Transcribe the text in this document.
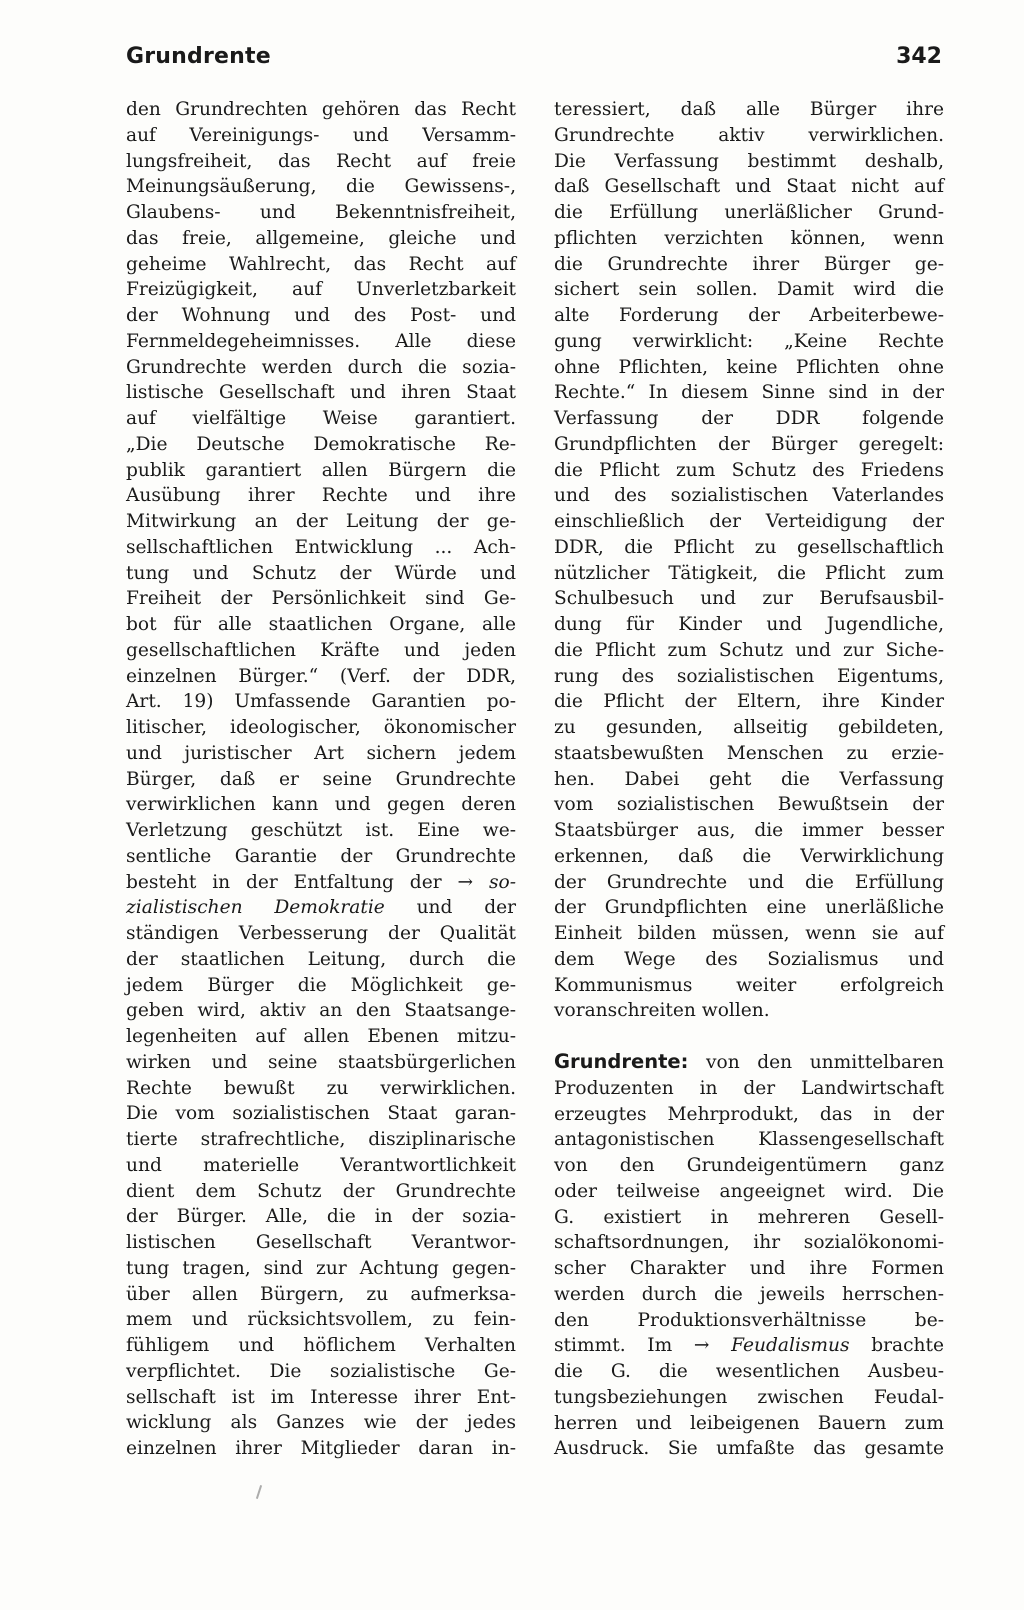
Grundrente	342
den Grundrechten gehören das Recht
auf Vereinigungs- und Versamm-
lungsfreiheit, das Recht auf freie
Meinungsäußerung, die Gewissens-,
Glaubens- und Bekenntnisfreiheit,
das freie, allgemeine, gleiche und
geheime Wahlrecht, das Recht auf
Freizügigkeit, auf Unverletzbarkeit
der Wohnung und des Post- und
Fernmeldegeheimnisses. Alle diese
Grundrechte werden durch die sozia-
listische Gesellschaft und ihren Staat
auf vielfältige Weise garantiert.
„Die Deutsche Demokratische Re-
publik garantiert allen Bürgern die
Ausübung ihrer Rechte und ihre
Mitwirkung an der Leitung der ge-
sellschaftlichen Entwicklung ... Ach-
tung und Schutz der Würde und
Freiheit der Persönlichkeit sind Ge-
bot für alle staatlichen Organe, alle
gesellschaftlichen Kräfte und jeden
einzelnen Bürger.“ (Verf. der DDR,
Art. 19) Umfassende Garantien po-
litischer, ideologischer, ökonomischer
und juristischer Art sichern jedem
Bürger, daß er seine Grundrechte
verwirklichen kann und gegen deren
Verletzung geschützt ist. Eine we-
sentliche Garantie der Grundrechte
besteht in der Entfaltung der → so-
zialistischen Demokratie und der
ständigen Verbesserung der Qualität
der staatlichen Leitung, durch die
jedem Bürger die Möglichkeit ge-
geben wird, aktiv an den Staatsange-
legenheiten auf allen Ebenen mitzu-
wirken und seine staatsbürgerlichen
Rechte bewußt zu verwirklichen.
Die vom sozialistischen Staat garan-
tierte strafrechtliche, disziplinarische
und materielle Verantwortlichkeit
dient dem Schutz der Grundrechte
der Bürger. Alle, die in der sozia-
listischen Gesellschaft Verantwor-
tung tragen, sind zur Achtung gegen-
über allen Bürgern, zu aufmerksa-
mem und rücksichtsvollem, zu fein-
fühligem und höflichem Verhalten
verpflichtet. Die sozialistische Ge-
sellschaft ist im Interesse ihrer Ent-
wicklung als Ganzes wie der jedes
einzelnen ihrer Mitglieder daran in-
teressiert, daß alle Bürger ihre
Grundrechte aktiv verwirklichen.
Die Verfassung bestimmt deshalb,
daß Gesellschaft und Staat nicht auf
die Erfüllung unerläßlicher Grund-
pflichten verzichten können, wenn
die Grundrechte ihrer Bürger ge-
sichert sein sollen. Damit wird die
alte Forderung der Arbeiterbewe-
gung verwirklicht: „Keine Rechte
ohne Pflichten, keine Pflichten ohne
Rechte.“ In diesem Sinne sind in der
Verfassung der DDR folgende
Grundpflichten der Bürger geregelt:
die Pflicht zum Schutz des Friedens
und des sozialistischen Vaterlandes
einschließlich der Verteidigung der
DDR, die Pflicht zu gesellschaftlich
nützlicher Tätigkeit, die Pflicht zum
Schulbesuch und zur Berufsausbil-
dung für Kinder und Jugendliche,
die Pflicht zum Schutz und zur Siche-
rung des sozialistischen Eigentums,
die Pflicht der Eltern, ihre Kinder
zu gesunden, allseitig gebildeten,
staatsbewußten Menschen zu erzie-
hen. Dabei geht die Verfassung
vom sozialistischen Bewußtsein der
Staatsbürger aus, die immer besser
erkennen, daß die Verwirklichung
der Grundrechte und die Erfüllung
der Grundpflichten eine unerläßliche
Einheit bilden müssen, wenn sie auf
dem Wege des Sozialismus und
Kommunismus weiter erfolgreich
voranschreiten wollen.
Grundrente: von den unmittelbaren
Produzenten in der Landwirtschaft
erzeugtes Mehrprodukt, das in der
antagonistischen Klassengesellschaft
von den Grundeigentümern ganz
oder teilweise angeeignet wird. Die
G. existiert in mehreren Gesell-
schaftsordnungen, ihr sozialökonomi-
scher Charakter und ihre Formen
werden durch die jeweils herrschen-
den Produktionsverhältnisse be-
stimmt. Im → Feudalismus brachte
die G. die wesentlichen Ausbeu-
tungsbeziehungen zwischen Feudal-
herren und leibeigenen Bauern zum
Ausdruck. Sie umfaßte das gesamte
